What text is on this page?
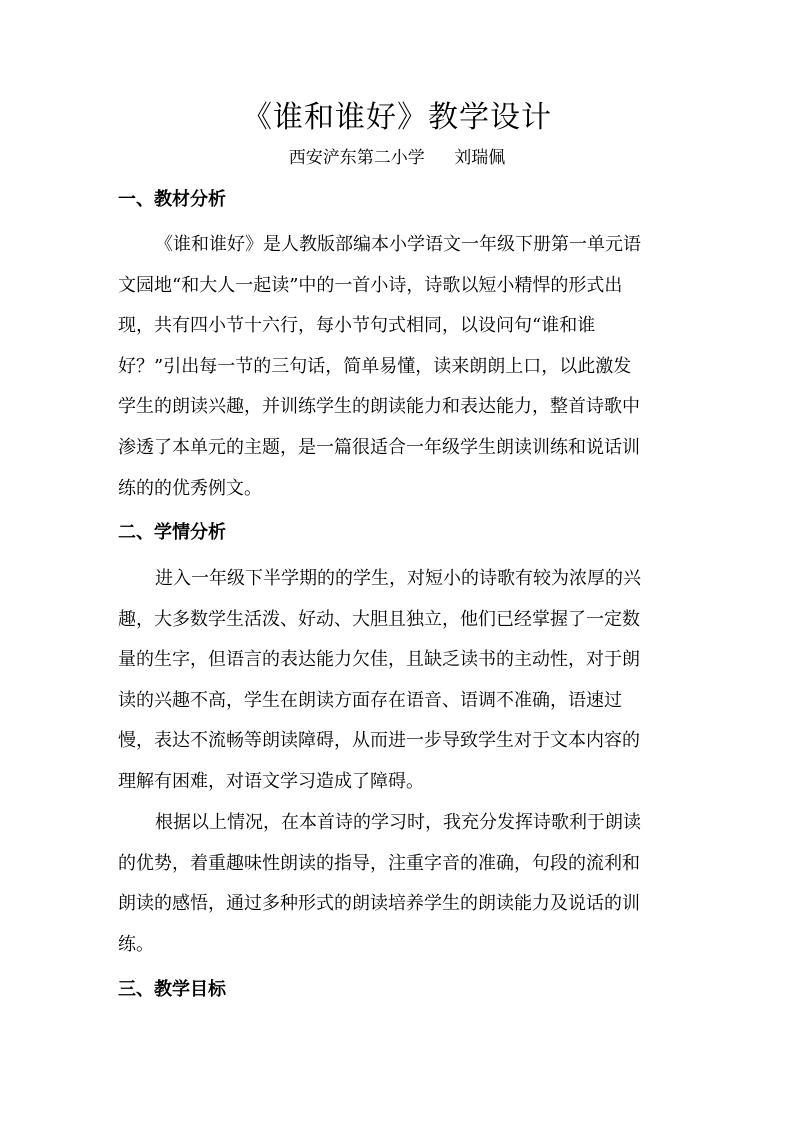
《谁和谁好》教学设计
西安浐东第二小学 刘瑞佩
一、教材分析

《谁和谁好》是人教版部编本小学语文一年级下册第一单元语
文园地“和大人一起读”中的一首小诗，诗歌以短小精悍的形式出
现，共有四小节十六行，每小节句式相同，以设问句“谁和谁
好？”引出每一节的三句话，简单易懂，读来朗朗上口，以此激发
学生的朗读兴趣，并训练学生的朗读能力和表达能力，整首诗歌中
渗透了本单元的主题，是一篇很适合一年级学生朗读训练和说话训
练的的优秀例文。

二、学情分析

进入一年级下半学期的的学生，对短小的诗歌有较为浓厚的兴
趣，大多数学生活泼、好动、大胆且独立，他们已经掌握了一定数
量的生字，但语言的表达能力欠佳，且缺乏读书的主动性，对于朗
读的兴趣不高，学生在朗读方面存在语音、语调不准确，语速过
慢，表达不流畅等朗读障碍，从而进一步导致学生对于文本内容的
理解有困难，对语文学习造成了障碍。

根据以上情况，在本首诗的学习时，我充分发挥诗歌利于朗读
的优势，着重趣味性朗读的指导，注重字音的准确，句段的流利和
朗读的感悟，通过多种形式的朗读培养学生的朗读能力及说话的训
练。

三、教学目标
